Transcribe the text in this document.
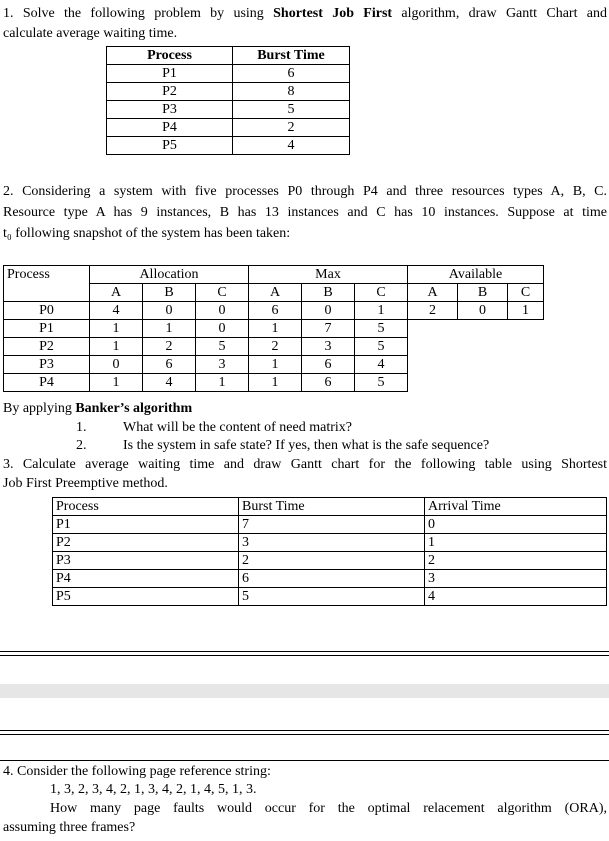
1. Solve the following problem by using Shortest Job First algorithm, draw Gantt Chart and
calculate average waiting time.
Process	Burst Time
P1	6
P2	8
P3	5
P4	2
P5	4
2. Considering a system with five processes P0 through P4 and three resources types A, B, C.
Resource type A has 9 instances, B has 13 instances and C has 10 instances. Suppose at time
t₀ following snapshot of the system has been taken:
Process	Allocation			Max			Available		
	A	B	C	A	B	C	A	B	C
P0	4	0	0	6	0	1	2	0	1
P1	1	1	0	1	7	5			
P2	1	2	5	2	3	5			
P3	0	6	3	1	6	4			
P4	1	4	1	1	6	5			
By applying Banker’s algorithm
1.	What will be the content of need matrix?
2.	Is the system in safe state? If yes, then what is the safe sequence?
3. Calculate average waiting time and draw Gantt chart for the following table using Shortest
Job First Preemptive method.
Process	Burst Time	Arrival Time
P1	7	0
P2	3	1
P3	2	2
P4	6	3
P5	5	4
4. Consider the following page reference string:
1, 3, 2, 3, 4, 2, 1, 3, 4, 2, 1, 4, 5, 1, 3.
How many page faults would occur for the optimal relacement algorithm (ORA),
assuming three frames?
